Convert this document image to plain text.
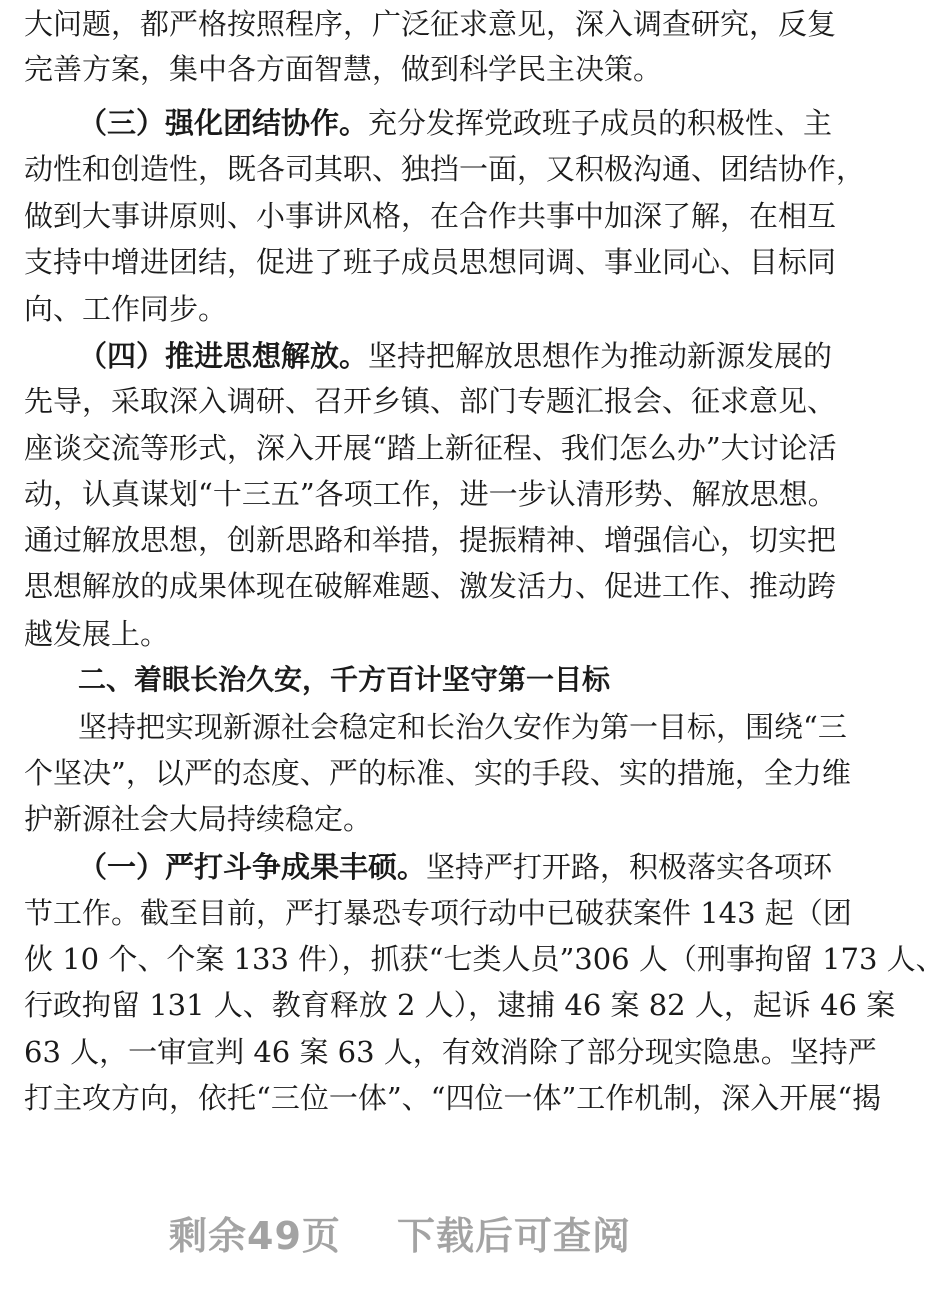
大问题，都严格按照程序，广泛征求意见，深入调查研究，反复
完善方案，集中各方面智慧，做到科学民主决策。
（三）强化团结协作。充分发挥党政班子成员的积极性、主
动性和创造性，既各司其职、独挡一面，又积极沟通、团结协作，
做到大事讲原则、小事讲风格，在合作共事中加深了解，在相互
支持中增进团结，促进了班子成员思想同调、事业同心、目标同
向、工作同步。
（四）推进思想解放。坚持把解放思想作为推动新源发展的
先导，采取深入调研、召开乡镇、部门专题汇报会、征求意见、
座谈交流等形式，深入开展“踏上新征程、我们怎么办”大讨论活
动，认真谋划“十三五”各项工作，进一步认清形势、解放思想。
通过解放思想，创新思路和举措，提振精神、增强信心，切实把
思想解放的成果体现在破解难题、激发活力、促进工作、推动跨
越发展上。
二、着眼长治久安，千方百计坚守第一目标
坚持把实现新源社会稳定和长治久安作为第一目标，围绕“三
个坚决”，以严的态度、严的标准、实的手段、实的措施，全力维
护新源社会大局持续稳定。
（一）严打斗争成果丰硕。坚持严打开路，积极落实各项环
节工作。截至目前，严打暴恐专项行动中已破获案件 143 起（团
伙 10 个、个案 133 件），抓获“七类人员”306 人（刑事拘留 173 人、
行政拘留 131 人、教育释放 2 人），逮捕 46 案 82 人，起诉 46 案
63 人，一审宣判 46 案 63 人，有效消除了部分现实隐患。坚持严
打主攻方向，依托“三位一体”、“四位一体”工作机制，深入开展“揭
剩余49页 下载后可查阅
